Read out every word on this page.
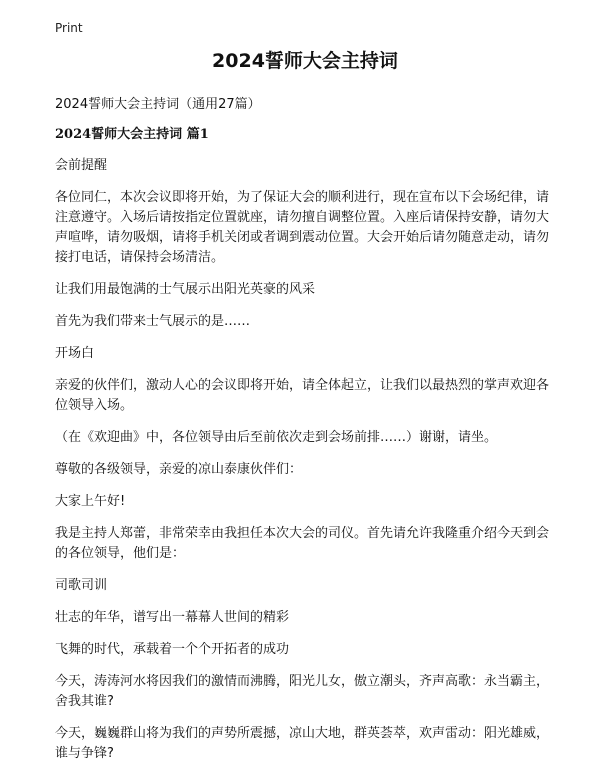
Print
2024誓师大会主持词
2024誓师大会主持词（通用27篇）
2024誓师大会主持词 篇1

会前提醒

各位同仁，本次会议即将开始，为了保证大会的顺利进行，现在宣布以下会场纪律，请注意遵守。入场后请按指定位置就座，请勿擅自调整位置。入座后请保持安静，请勿大声喧哗，请勿吸烟，请将手机关闭或者调到震动位置。大会开始后请勿随意走动，请勿接打电话，请保持会场清洁。

让我们用最饱满的士气展示出阳光英豪的风采

首先为我们带来士气展示的是……

开场白

亲爱的伙伴们，激动人心的会议即将开始，请全体起立，让我们以最热烈的掌声欢迎各位领导入场。

（在《欢迎曲》中，各位领导由后至前依次走到会场前排……）谢谢，请坐。

尊敬的各级领导，亲爱的凉山泰康伙伴们：

大家上午好!

我是主持人郑蕾，非常荣幸由我担任本次大会的司仪。首先请允许我隆重介绍今天到会的各位领导，他们是：

司歌司训

壮志的年华，谱写出一幕幕人世间的精彩

飞舞的时代，承载着一个个开拓者的成功

今天，涛涛河水将因我们的激情而沸腾，阳光儿女，傲立潮头，齐声高歌：永当霸主，舍我其谁?

今天，巍巍群山将为我们的声势所震撼，凉山大地，群英荟萃，欢声雷动：阳光雄威，谁与争锋?
